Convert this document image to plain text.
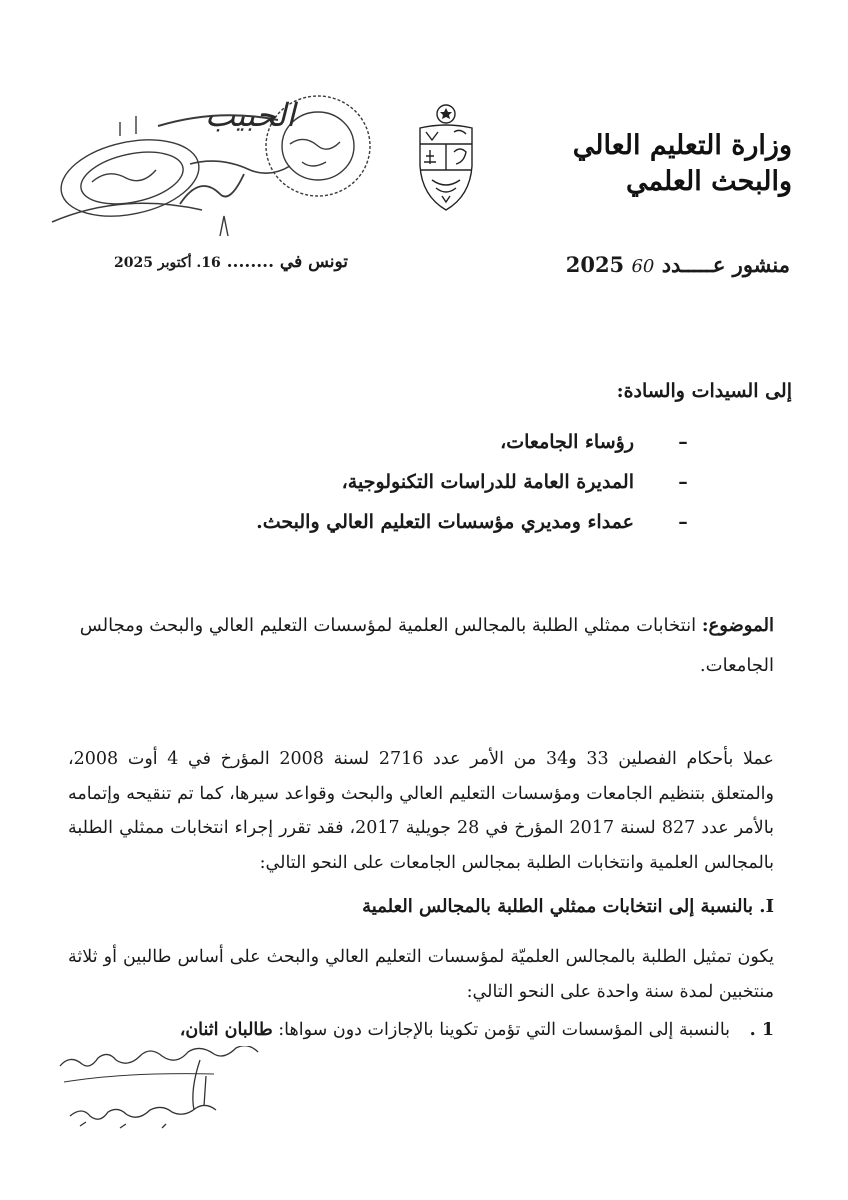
وزارة التعليم العالي
والبحث العلمي
الحبيب
منشور عـــــدد 60 2025
تونس في ........ 16. أكتوبر 2025
إلى السيدات والسادة:
–
رؤساء الجامعات،
–
المديرة العامة للدراسات التكنولوجية،
–
عمداء ومديري مؤسسات التعليم العالي والبحث.
الموضوع: انتخابات ممثلي الطلبة بالمجالس العلمية لمؤسسات التعليم العالي والبحث ومجالس الجامعات.
عملا بأحكام الفصلين 33 و34 من الأمر عدد 2716 لسنة 2008 المؤرخ في 4 أوت 2008، والمتعلق بتنظيم الجامعات ومؤسسات التعليم العالي والبحث وقواعد سيرها، كما تم تنقيحه وإتمامه بالأمر عدد 827 لسنة 2017 المؤرخ في 28 جويلية 2017، فقد تقرر إجراء انتخابات ممثلي الطلبة بالمجالس العلمية وانتخابات الطلبة بمجالس الجامعات على النحو التالي:
I. بالنسبة إلى انتخابات ممثلي الطلبة بالمجالس العلمية
يكون تمثيل الطلبة بالمجالس العلميّة لمؤسسات التعليم العالي والبحث على أساس طالبين أو ثلاثة منتخبين لمدة سنة واحدة على النحو التالي:
1 . بالنسبة إلى المؤسسات التي تؤمن تكوينا بالإجازات دون سواها: طالبان اثنان،
